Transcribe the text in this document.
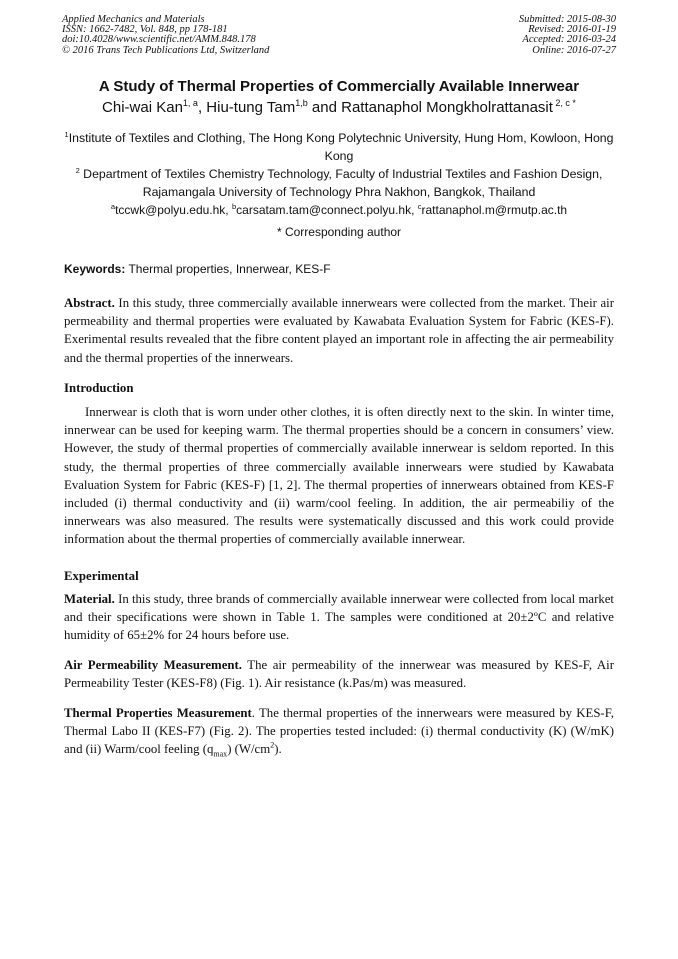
Applied Mechanics and Materials
ISSN: 1662-7482, Vol. 848, pp 178-181
doi:10.4028/www.scientific.net/AMM.848.178
© 2016 Trans Tech Publications Ltd, Switzerland
Submitted: 2015-08-30
Revised: 2016-01-19
Accepted: 2016-03-24
Online: 2016-07-27
A Study of Thermal Properties of Commercially Available Innerwear
Chi-wai Kan$^{1, a}$, Hiu-tung Tam$^{1,b}$ and Rattanaphol Mongkholrattanasit $^{2, c *}$
$^1$Institute of Textiles and Clothing, The Hong Kong Polytechnic University, Hung Hom, Kowloon, Hong Kong
$^2$ Department of Textiles Chemistry Technology, Faculty of Industrial Textiles and Fashion Design, Rajamangala University of Technology Phra Nakhon, Bangkok, Thailand
$^a$tccwk@polyu.edu.hk, $^b$carsatam.tam@connect.polyu.hk, $^c$rattanaphol.m@rmutp.ac.th
* Corresponding author
Keywords: Thermal properties, Innerwear, KES-F
Abstract. In this study, three commercially available innerwears were collected from the market. Their air permeability and thermal properties were evaluated by Kawabata Evaluation System for Fabric (KES-F). Exerimental results revealed that the fibre content played an important role in affecting the air permeability and the thermal properties of the innerwears.
Introduction
Innerwear is cloth that is worn under other clothes, it is often directly next to the skin. In winter time, innerwear can be used for keeping warm. The thermal properties should be a concern in consumers’ view. However, the study of thermal properties of commercially available innerwear is seldom reported. In this study, the thermal properties of three commercially available innerwears were studied by Kawabata Evaluation System for Fabric (KES-F) [1, 2]. The thermal properties of innerwears obtained from KES-F included (i) thermal conductivity and (ii) warm/cool feeling. In addition, the air permeabiliy of the innerwears was also measured. The results were systematically discussed and this work could provide information about the thermal properties of commercially available innerwear.
Experimental
Material. In this study, three brands of commercially available innerwear were collected from local market and their specifications were shown in Table 1. The samples were conditioned at 20±2ºC and relative humidity of 65±2% for 24 hours before use.
Air Permeability Measurement. The air permeability of the innerwear was measured by KES-F, Air Permeability Tester (KES-F8) (Fig. 1). Air resistance (k.Pas/m) was measured.
Thermal Properties Measurement. The thermal properties of the innerwears were measured by KES-F, Thermal Labo II (KES-F7) (Fig. 2). The properties tested included: (i) thermal conductivity (K) (W/mK) and (ii) Warm/cool feeling $(q_{max})$ $(W/cm^2)$.
